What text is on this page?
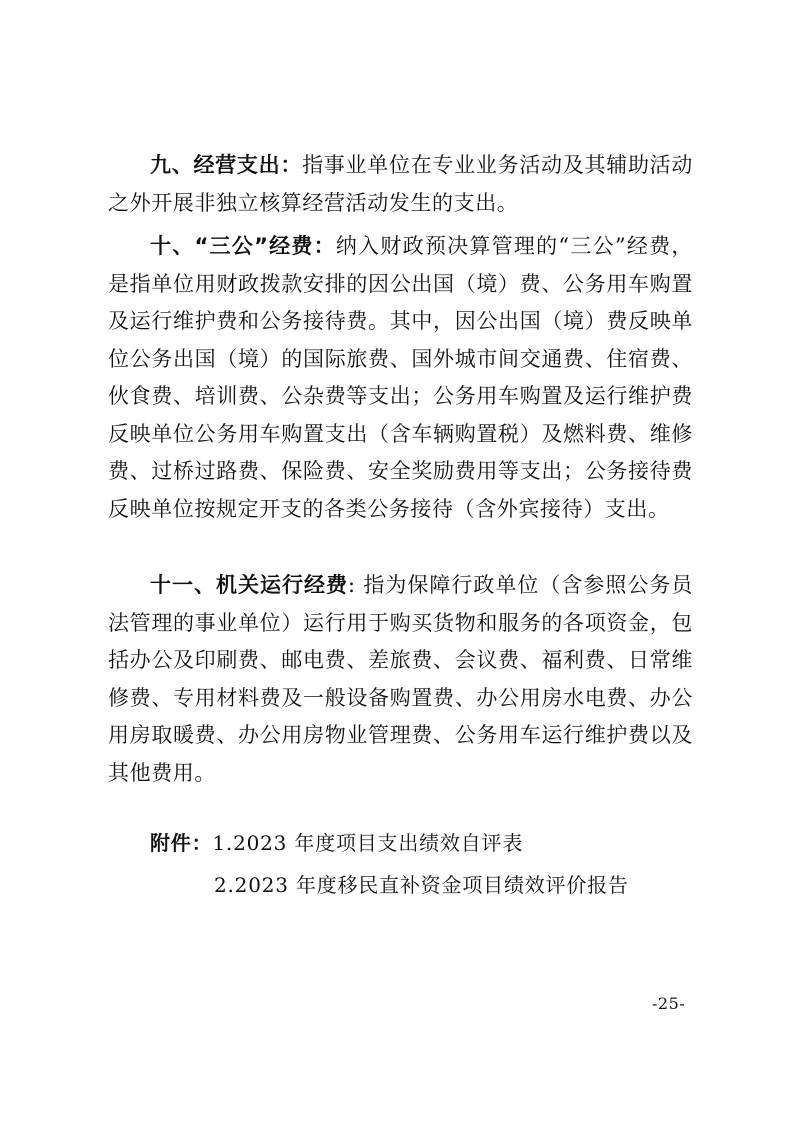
九、经营支出：指事业单位在专业业务活动及其辅助活动之外开展非独立核算经营活动发生的支出。

十、“三公”经费：纳入财政预决算管理的“三公”经费，是指单位用财政拨款安排的因公出国（境）费、公务用车购置及运行维护费和公务接待费。其中，因公出国（境）费反映单位公务出国（境）的国际旅费、国外城市间交通费、住宿费、伙食费、培训费、公杂费等支出；公务用车购置及运行维护费反映单位公务用车购置支出（含车辆购置税）及燃料费、维修费、过桥过路费、保险费、安全奖励费用等支出；公务接待费反映单位按规定开支的各类公务接待（含外宾接待）支出。

十一、机关运行经费: 指为保障行政单位（含参照公务员法管理的事业单位）运行用于购买货物和服务的各项资金，包括办公及印刷费、邮电费、差旅费、会议费、福利费、日常维修费、专用材料费及一般设备购置费、办公用房水电费、办公用房取暖费、办公用房物业管理费、公务用车运行维护费以及其他费用。

附件：1.2023 年度项目支出绩效自评表
2.2023 年度移民直补资金项目绩效评价报告
-25-
